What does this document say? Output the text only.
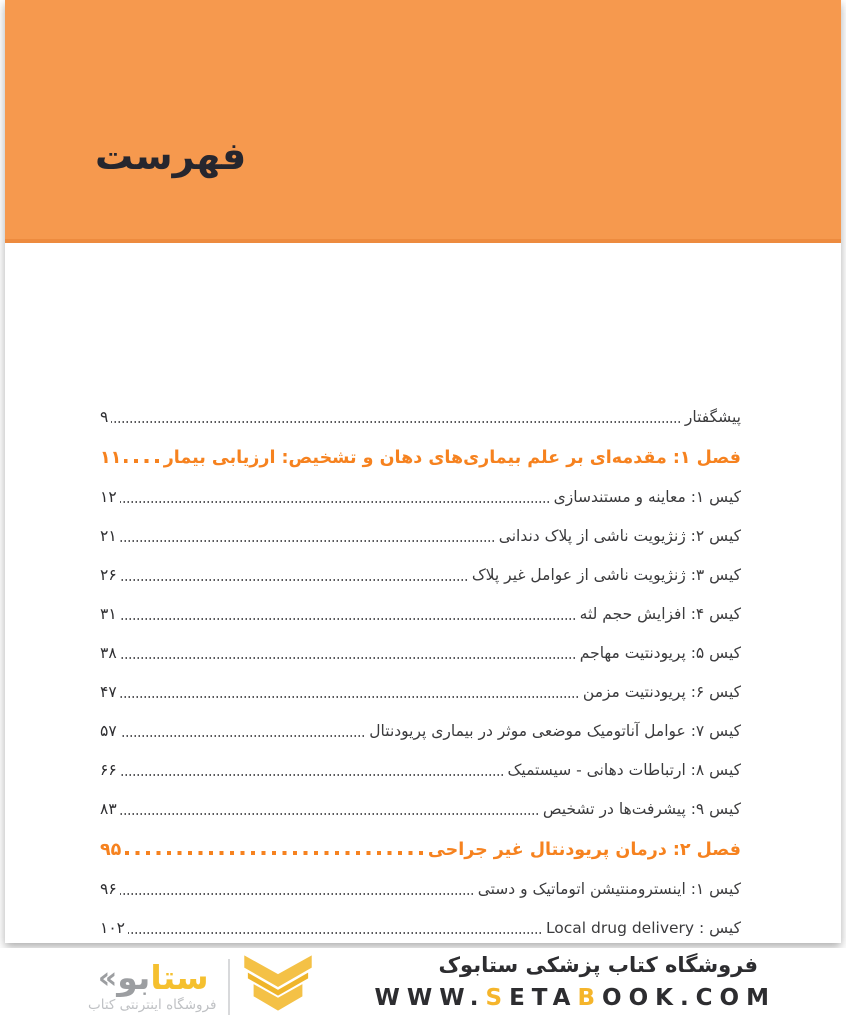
فهرست
پیشگفتار
۹
فصل ۱: مقدمه‌ای بر علم بیماری‌های دهان و تشخیص: ارزیابی بیمار
۱۱
کیس ۱: معاینه و مستندسازی
۱۲
کیس ۲: ژنژیویت ناشی از پلاک دندانی
۲۱
کیس ۳: ژنژیویت ناشی از عوامل غیر پلاک
۲۶
کیس ۴: افزایش حجم لثه
۳۱
کیس ۵: پریودنتیت مهاجم
۳۸
کیس ۶: پریودنتیت مزمن
۴۷
کیس ۷: عوامل آناتومیک موضعی موثر در بیماری پریودنتال
۵۷
کیس ۸: ارتباطات دهانی - سیستمیک
۶۶
کیس ۹: پیشرفت‌ها در تشخیص
۸۳
فصل ۲: درمان پریودنتال غیر جراحی
۹۵
کیس ۱: اینسترومنتیشن اتوماتیک و دستی
۹۶
کیس : Local drug delivery
۱۰۲
ستا
بو
«
فروشگاه اینترنتی کتاب
فروشگاه کتاب پزشکی ستابوک
WWW.SETABOOK.COM
